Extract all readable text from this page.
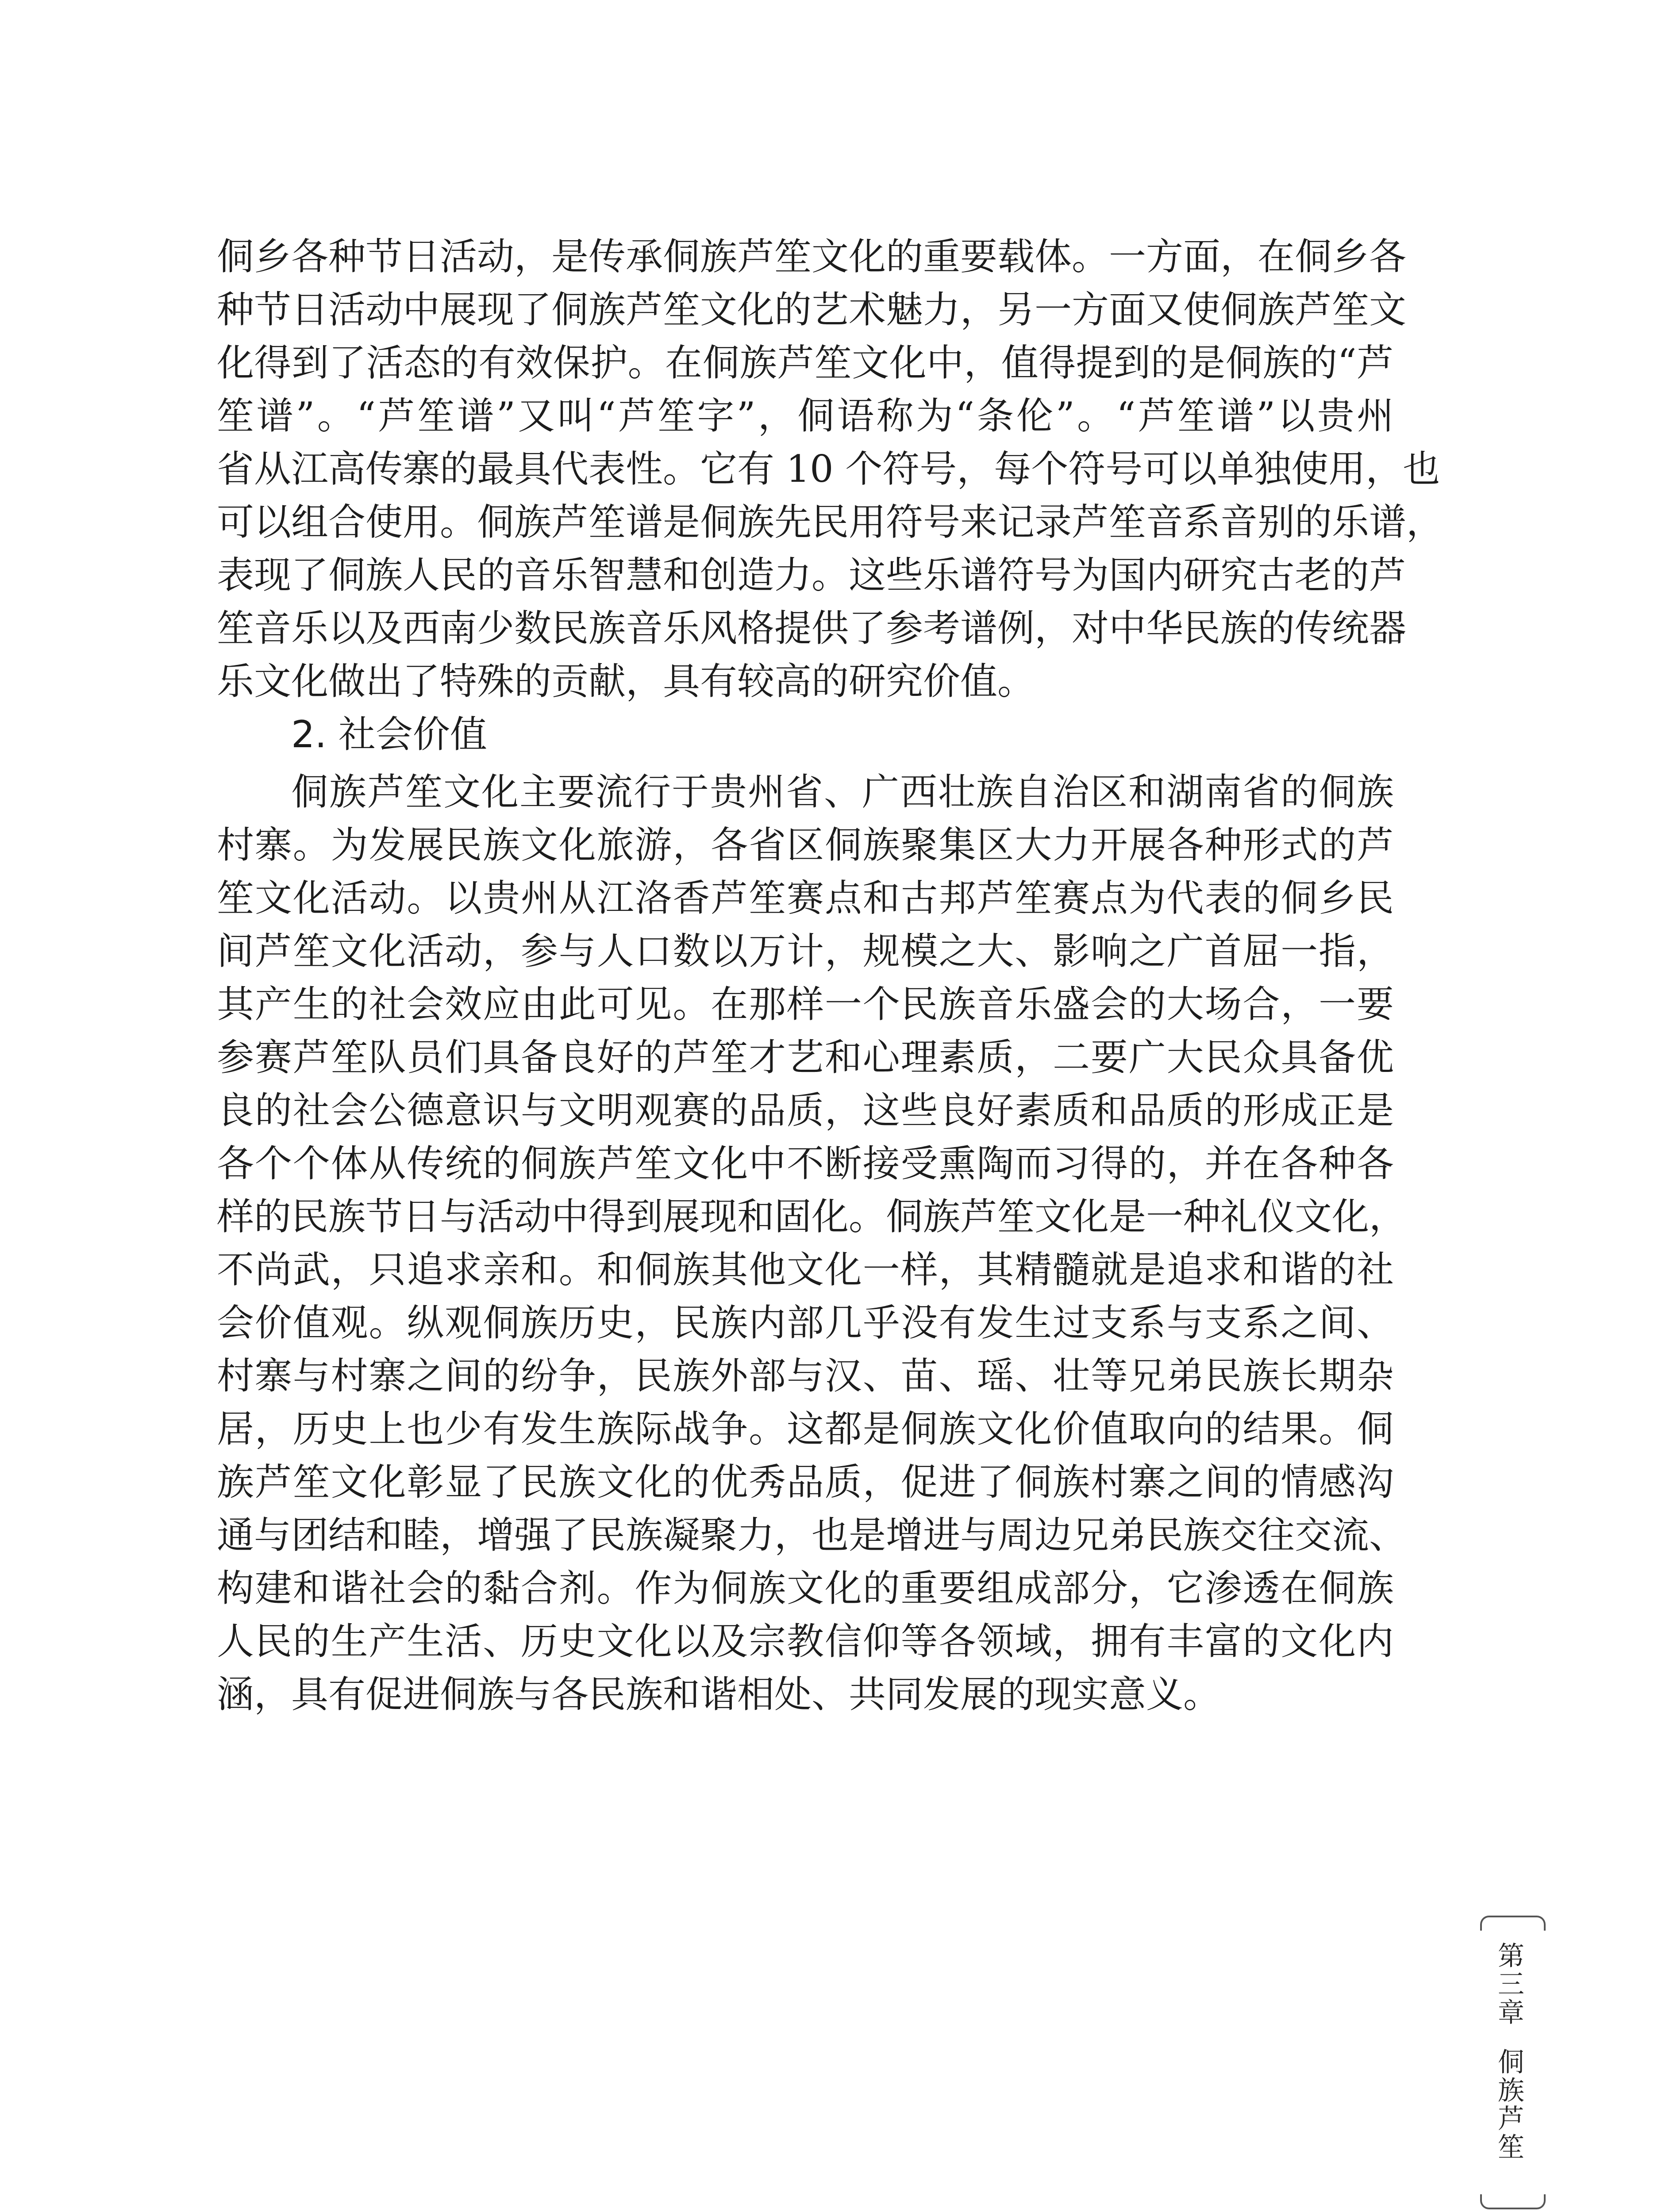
侗乡各种节日活动，是传承侗族芦笙文化的重要载体。一方面，在侗乡各
种节日活动中展现了侗族芦笙文化的艺术魅力，另一方面又使侗族芦笙文
化得到了活态的有效保护。在侗族芦笙文化中，值得提到的是侗族的“芦
笙谱”。“芦笙谱”又叫“芦笙字”，侗语称为“条伦”。“芦笙谱”以贵州
省从江高传寨的最具代表性。它有 10 个符号，每个符号可以单独使用，也
可以组合使用。侗族芦笙谱是侗族先民用符号来记录芦笙音系音别的乐谱，
表现了侗族人民的音乐智慧和创造力。这些乐谱符号为国内研究古老的芦
笙音乐以及西南少数民族音乐风格提供了参考谱例，对中华民族的传统器
乐文化做出了特殊的贡献，具有较高的研究价值。
2. 社会价值
侗族芦笙文化主要流行于贵州省、广西壮族自治区和湖南省的侗族
村寨。为发展民族文化旅游，各省区侗族聚集区大力开展各种形式的芦
笙文化活动。以贵州从江洛香芦笙赛点和古邦芦笙赛点为代表的侗乡民
间芦笙文化活动，参与人口数以万计，规模之大、影响之广首屈一指，
其产生的社会效应由此可见。在那样一个民族音乐盛会的大场合，一要
参赛芦笙队员们具备良好的芦笙才艺和心理素质，二要广大民众具备优
良的社会公德意识与文明观赛的品质，这些良好素质和品质的形成正是
各个个体从传统的侗族芦笙文化中不断接受熏陶而习得的，并在各种各
样的民族节日与活动中得到展现和固化。侗族芦笙文化是一种礼仪文化，
不尚武，只追求亲和。和侗族其他文化一样，其精髓就是追求和谐的社
会价值观。纵观侗族历史，民族内部几乎没有发生过支系与支系之间、
村寨与村寨之间的纷争，民族外部与汉、苗、瑶、壮等兄弟民族长期杂
居，历史上也少有发生族际战争。这都是侗族文化价值取向的结果。侗
族芦笙文化彰显了民族文化的优秀品质，促进了侗族村寨之间的情感沟
通与团结和睦，增强了民族凝聚力，也是增进与周边兄弟民族交往交流、
构建和谐社会的黏合剂。作为侗族文化的重要组成部分，它渗透在侗族
人民的生产生活、历史文化以及宗教信仰等各领域，拥有丰富的文化内
涵，具有促进侗族与各民族和谐相处、共同发展的现实意义。
第三章
侗族芦笙
